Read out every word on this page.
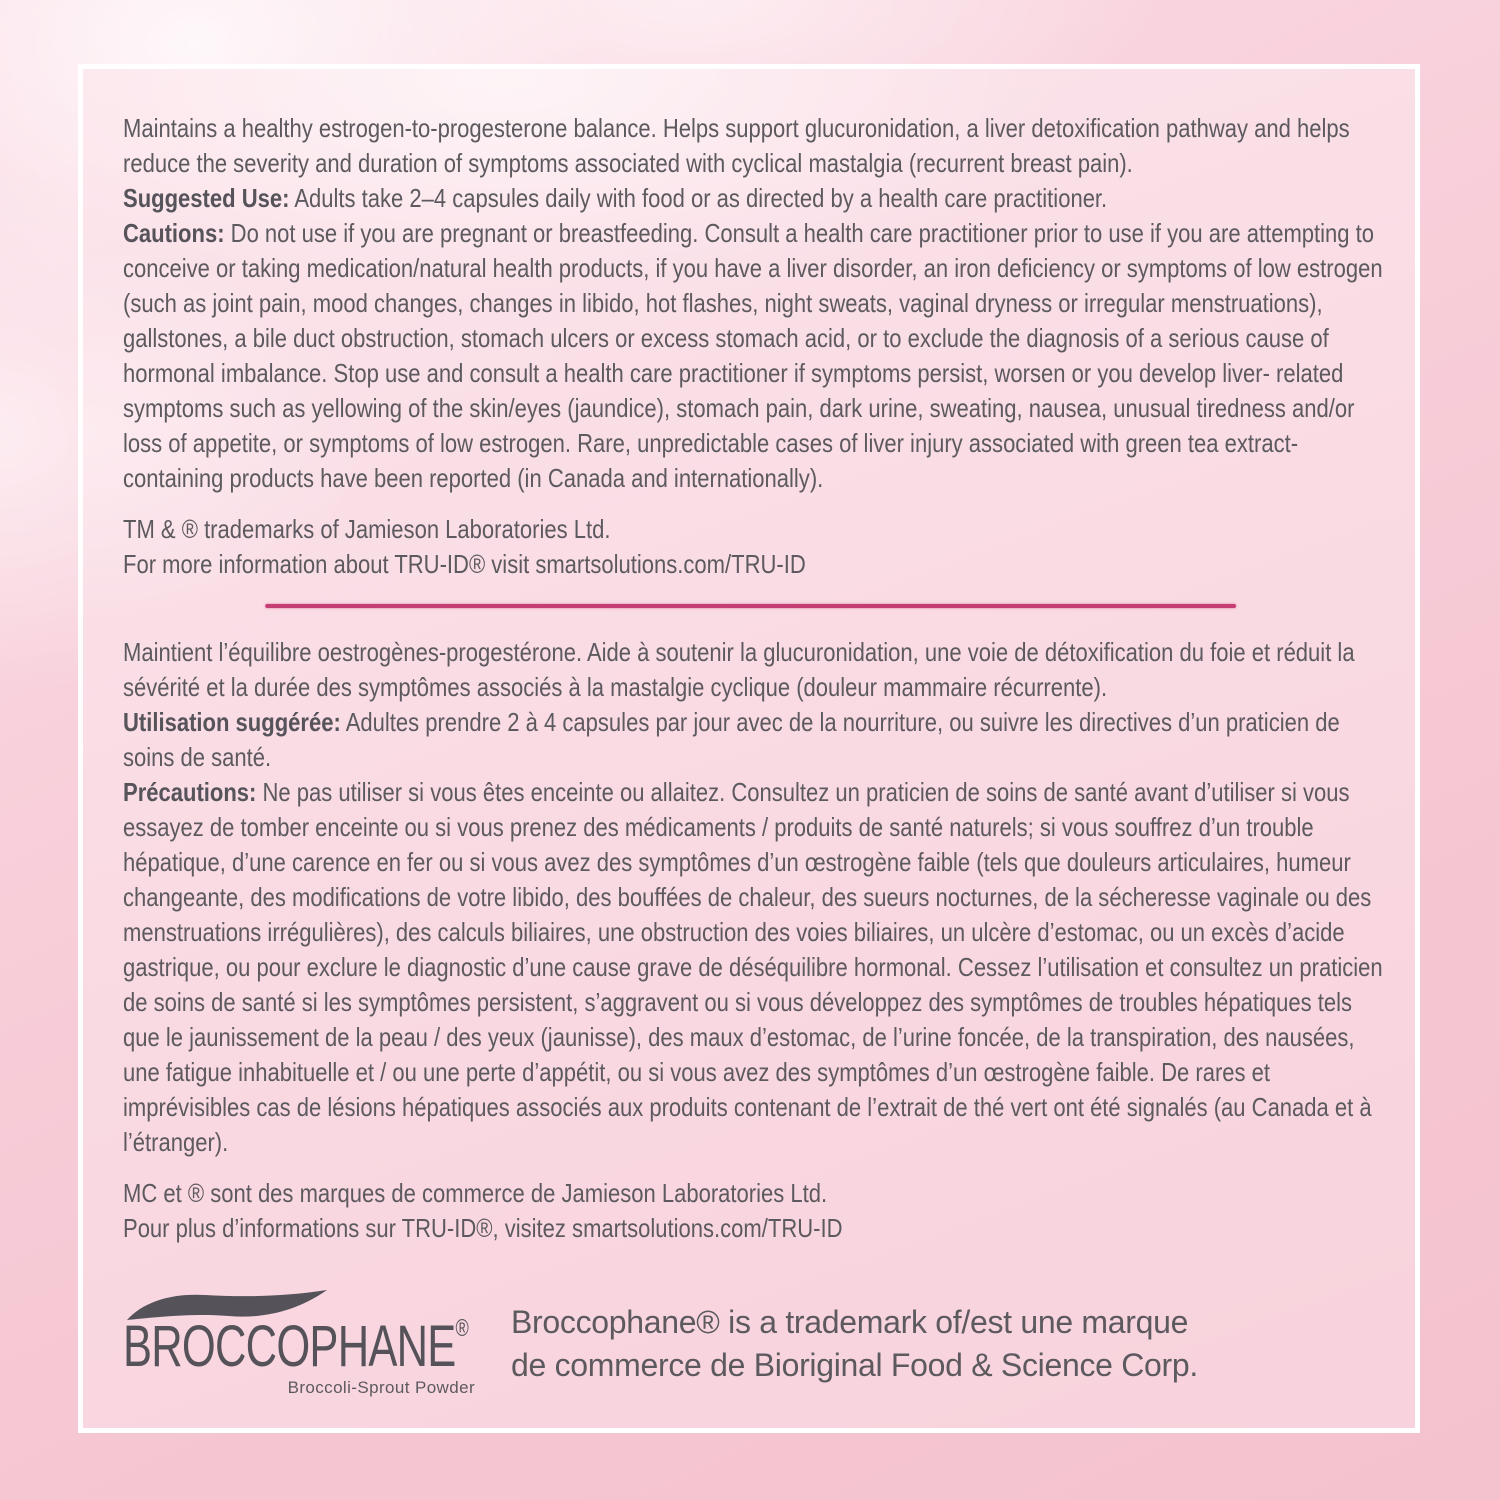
Maintains a healthy estrogen-to-progesterone balance. Helps support glucuronidation, a liver detoxification pathway and helps reduce the severity and duration of symptoms associated with cyclical mastalgia (recurrent breast pain).

Suggested Use: Adults take 2–4 capsules daily with food or as directed by a health care practitioner.

Cautions: Do not use if you are pregnant or breastfeeding. Consult a health care practitioner prior to use if you are attempting to conceive or taking medication/natural health products, if you have a liver disorder, an iron deficiency or symptoms of low estrogen (such as joint pain, mood changes, changes in libido, hot flashes, night sweats, vaginal dryness or irregular menstruations), gallstones, a bile duct obstruction, stomach ulcers or excess stomach acid, or to exclude the diagnosis of a serious cause of hormonal imbalance. Stop use and consult a health care practitioner if symptoms persist, worsen or you develop liver- related symptoms such as yellowing of the skin/eyes (jaundice), stomach pain, dark urine, sweating, nausea, unusual tiredness and/or loss of appetite, or symptoms of low estrogen. Rare, unpredictable cases of liver injury associated with green tea extract-containing products have been reported (in Canada and internationally).

TM & ® trademarks of Jamieson Laboratories Ltd.
For more information about TRU-ID® visit smartsolutions.com/TRU-ID

Maintient l’équilibre oestrogènes-progestérone. Aide à soutenir la glucuronidation, une voie de détoxification du foie et réduit la sévérité et la durée des symptômes associés à la mastalgie cyclique (douleur mammaire récurrente).

Utilisation suggérée: Adultes prendre 2 à 4 capsules par jour avec de la nourriture, ou suivre les directives d’un praticien de soins de santé.

Précautions: Ne pas utiliser si vous êtes enceinte ou allaitez. Consultez un praticien de soins de santé avant d’utiliser si vous essayez de tomber enceinte ou si vous prenez des médicaments / produits de santé naturels; si vous souffrez d’un trouble hépatique, d’une carence en fer ou si vous avez des symptômes d’un œstrogène faible (tels que douleurs articulaires, humeur changeante, des modifications de votre libido, des bouffées de chaleur, des sueurs nocturnes, de la sécheresse vaginale ou des menstruations irrégulières), des calculs biliaires, une obstruction des voies biliaires, un ulcère d’estomac, ou un excès d’acide gastrique, ou pour exclure le diagnostic d’une cause grave de déséquilibre hormonal. Cessez l’utilisation et consultez un praticien de soins de santé si les symptômes persistent, s’aggravent ou si vous développez des symptômes de troubles hépatiques tels que le jaunissement de la peau / des yeux (jaunisse), des maux d’estomac, de l’urine foncée, de la transpiration, des nausées, une fatigue inhabituelle et / ou une perte d’appétit, ou si vous avez des symptômes d’un œstrogène faible. De rares et imprévisibles cas de lésions hépatiques associés aux produits contenant de l’extrait de thé vert ont été signalés (au Canada et à l’étranger).

MC et ® sont des marques de commerce de Jamieson Laboratories Ltd.
Pour plus d’informations sur TRU-ID®, visitez smartsolutions.com/TRU-ID
BROCCOPHANE®
Broccoli-Sprout Powder
Broccophane® is a trademark of/est une marque
de commerce de Bioriginal Food & Science Corp.
